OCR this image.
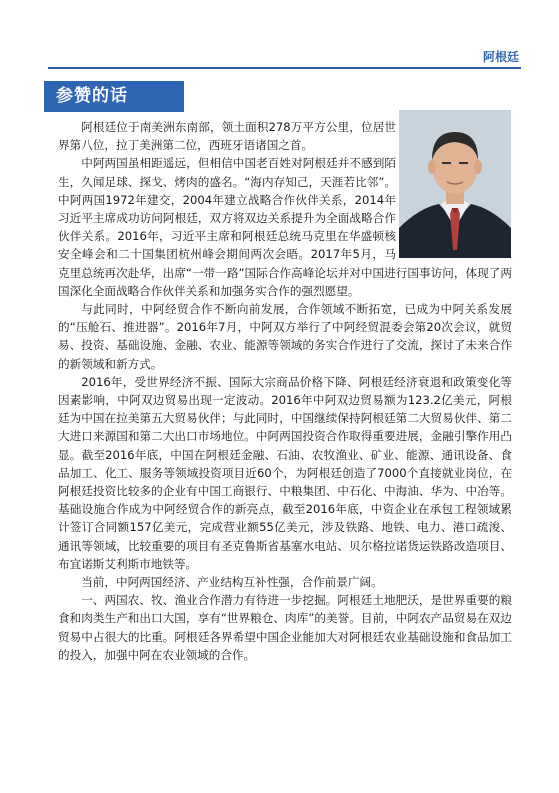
阿根廷
参赞的话

阿根廷位于南美洲东南部，领土面积278万平方公里，位居世界第八位，拉丁美洲第二位，西班牙语诸国之首。

中阿两国虽相距遥远，但相信中国老百姓对阿根廷并不感到陌生，久闻足球、探戈、烤肉的盛名。“海内存知己，天涯若比邻”。中阿两国1972年建交，2004年建立战略合作伙伴关系，2014年习近平主席成功访问阿根廷，双方将双边关系提升为全面战略合作伙伴关系。2016年，习近平主席和阿根廷总统马克里在华盛顿核安全峰会和二十国集团杭州峰会期间两次会晤。2017年5月，马克里总统再次赴华，出席“一带一路”国际合作高峰论坛并对中国进行国事访问，体现了两国深化全面战略合作伙伴关系和加强务实合作的强烈愿望。

与此同时，中阿经贸合作不断向前发展，合作领域不断拓宽，已成为中阿关系发展的“压舱石、推进器”。2016年7月，中阿双方举行了中阿经贸混委会第20次会议，就贸易、投资、基础设施、金融、农业、能源等领域的务实合作进行了交流，探讨了未来合作的新领域和新方式。

2016年，受世界经济不振、国际大宗商品价格下降、阿根廷经济衰退和政策变化等因素影响，中阿双边贸易出现一定波动。2016年中阿双边贸易额为123.2亿美元，阿根廷为中国在拉美第五大贸易伙伴；与此同时，中国继续保持阿根廷第二大贸易伙伴、第二大进口来源国和第二大出口市场地位。中阿两国投资合作取得重要进展，金融引擎作用凸显。截至2016年底，中国在阿根廷金融、石油、农牧渔业、矿业、能源、通讯设备、食品加工、化工、服务等领域投资项目近60个，为阿根廷创造了7000个直接就业岗位，在阿根廷投资比较多的企业有中国工商银行、中粮集团、中石化、中海油、华为、中冶等。基础设施合作成为中阿经贸合作的新亮点，截至2016年底，中资企业在承包工程领域累计签订合同额157亿美元，完成营业额55亿美元，涉及铁路、地铁、电力、港口疏浚、通讯等领域，比较重要的项目有圣克鲁斯省基塞水电站、贝尔格拉诺货运铁路改造项目、布宜诺斯艾利斯市地铁等。

当前，中阿两国经济、产业结构互补性强，合作前景广阔。

一、两国农、牧、渔业合作潜力有待进一步挖掘。阿根廷土地肥沃，是世界重要的粮食和肉类生产和出口大国，享有“世界粮仓、肉库”的美誉。目前，中阿农产品贸易在双边贸易中占很大的比重。阿根廷各界希望中国企业能加大对阿根廷农业基础设施和食品加工的投入，加强中阿在农业领域的合作。
